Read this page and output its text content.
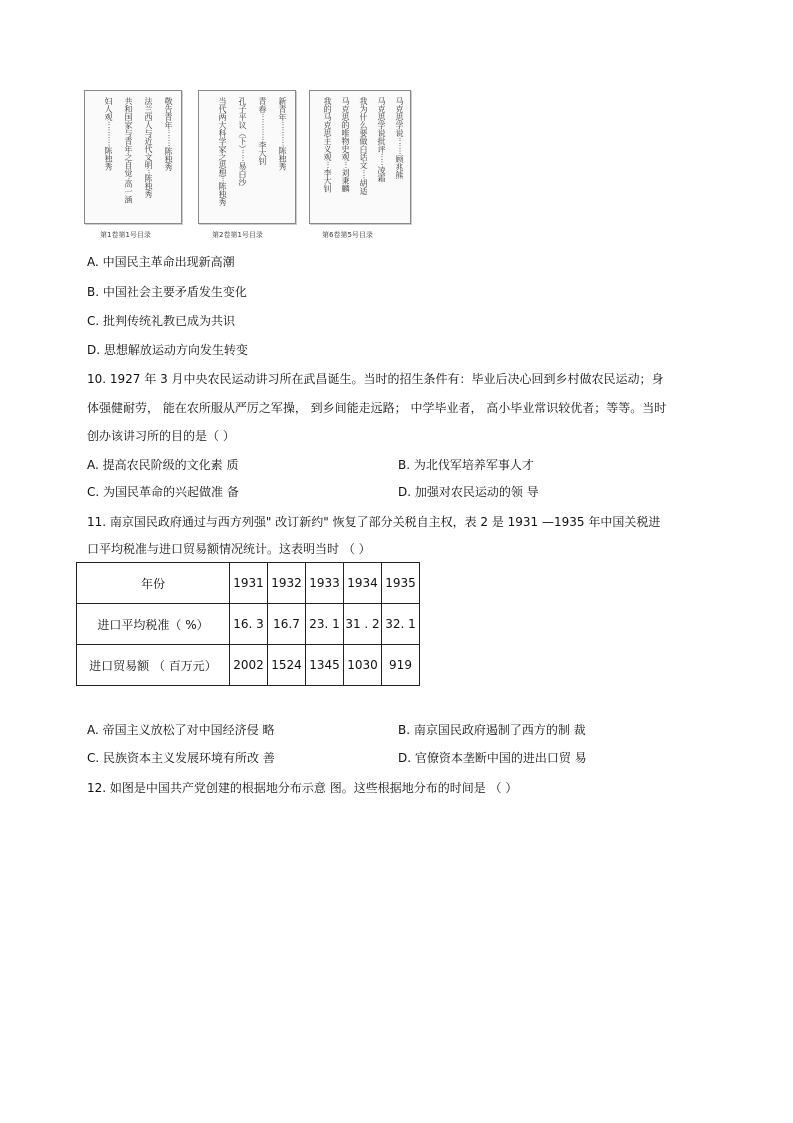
敬告青年·······陈独秀
法兰西人与近代文明··陈独秀
共和国家与青年之自觉·高一涵
妇人观··········陈独秀
第1卷第1号目录
新青年··········陈独秀
青春···········李大钊
孔子平议（下）·····易白沙
当代两大科学家之思想··陈独秀
第2卷第1号目录
马克思学说·······顾兆熊
马克思学说批评·····凌霜
我为什么要做白话文····胡适
马克思的唯物史观···刘秉麟
我的马克思主义观···李大钊
第6卷第5号目录
A. 中国民主革命出现新高潮
B. 中国社会主要矛盾发生变化
C. 批判传统礼教已成为共识
D. 思想解放运动方向发生转变
10. 1927 年 3 月中央农民运动讲习所在武昌诞生。当时的招生条件有：毕业后决心回到乡村做农民运动；身
体强健耐劳， 能在农所服从严厉之军操， 到乡间能走远路； 中学毕业者， 高小毕业常识较优者；等等。当时
创办该讲习所的目的是（ ）
A. 提高农民阶级的文化素 质	B. 为北伐军培养军事人才
C. 为国民革命的兴起做准 备	D. 加强对农民运动的领 导
11. 南京国民政府通过与西方列强" 改订新约" 恢复了部分关税自主权，表 2 是 1931 —1935 年中国关税进
口平均税准与进口贸易额情况统计。这表明当时 （ ）
年份	1931	1932	1933	1934	1935
进口平均税准（ %）	16. 3	16.7	23. 1	31 . 2	32. 1
进口贸易额 （ 百万元）	2002	1524	1345	1030	919
A. 帝国主义放松了对中国经济侵 略	B. 南京国民政府遏制了西方的制 裁
C. 民族资本主义发展环境有所改 善	D. 官僚资本垄断中国的进出口贸 易
12. 如图是中国共产党创建的根据地分布示意 图。这些根据地分布的时间是 （ ）
